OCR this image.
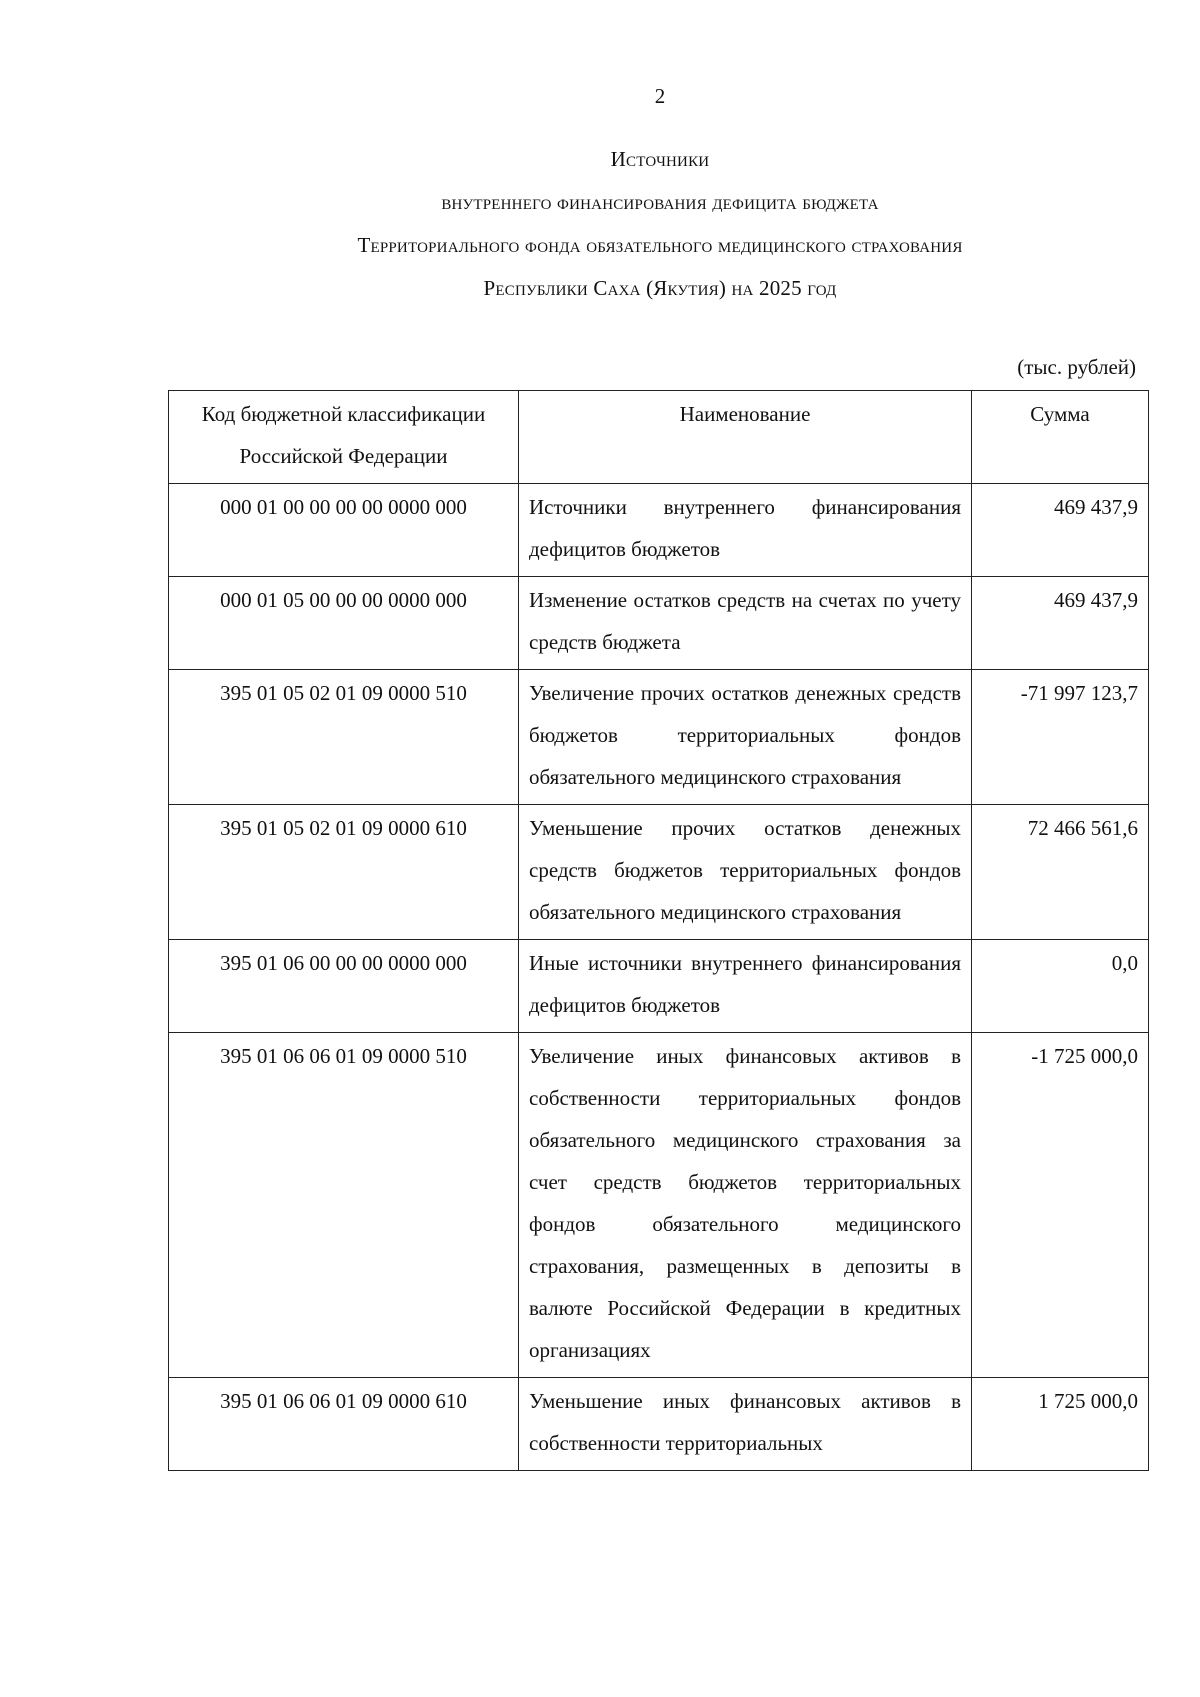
2
Источники
внутреннего финансирования дефицита бюджета
Территориального фонда обязательного медицинского страхования
Республики Саха (Якутия) на 2025 год
(тыс. рублей)
Код бюджетной классификации Российской Федерации	Наименование	Сумма
000 01 00 00 00 00 0000 000	Источники внутреннего финансирования дефицитов бюджетов	469 437,9
000 01 05 00 00 00 0000 000	Изменение остатков средств на счетах по учету средств бюджета	469 437,9
395 01 05 02 01 09 0000 510	Увеличение прочих остатков денежных средств бюджетов территориальных фондов обязательного медицинского страхования	-71 997 123,7
395 01 05 02 01 09 0000 610	Уменьшение прочих остатков денежных средств бюджетов территориальных фондов обязательного медицинского страхования	72 466 561,6
395 01 06 00 00 00 0000 000	Иные источники внутреннего финансирования дефицитов бюджетов	0,0
395 01 06 06 01 09 0000 510	Увеличение иных финансовых активов в собственности территориальных фондов обязательного медицинского страхования за счет средств бюджетов территориальных фондов обязательного медицинского страхования, размещенных в депозиты в валюте Российской Федерации в кредитных организациях	-1 725 000,0
395 01 06 06 01 09 0000 610	Уменьшение иных финансовых активов в собственности территориальных	1 725 000,0
